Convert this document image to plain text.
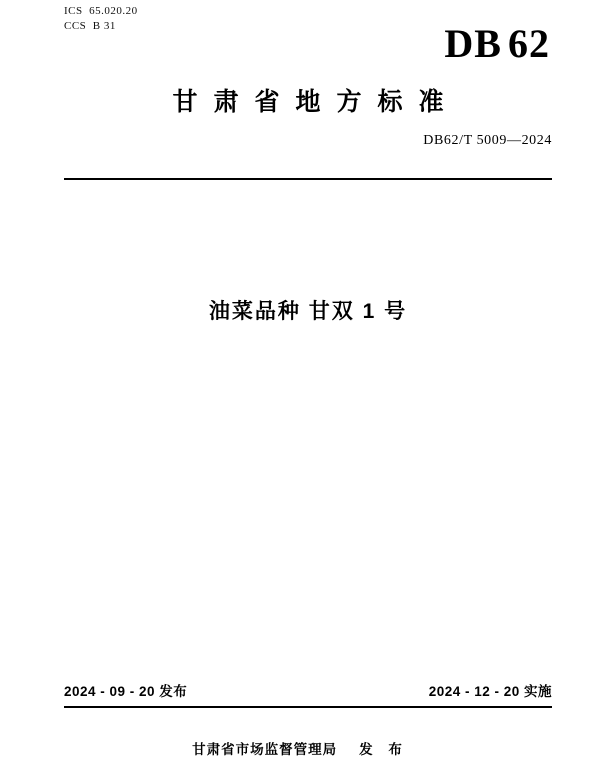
ICS  65.020.20
CCS  B 31	DB 62
甘肃省地方标准
DB62/T 5009—2024
油菜品种 甘双 1 号
2024 - 09 - 20 发布	2024 - 12 - 20 实施
甘肃省市场监督管理局 发 布
